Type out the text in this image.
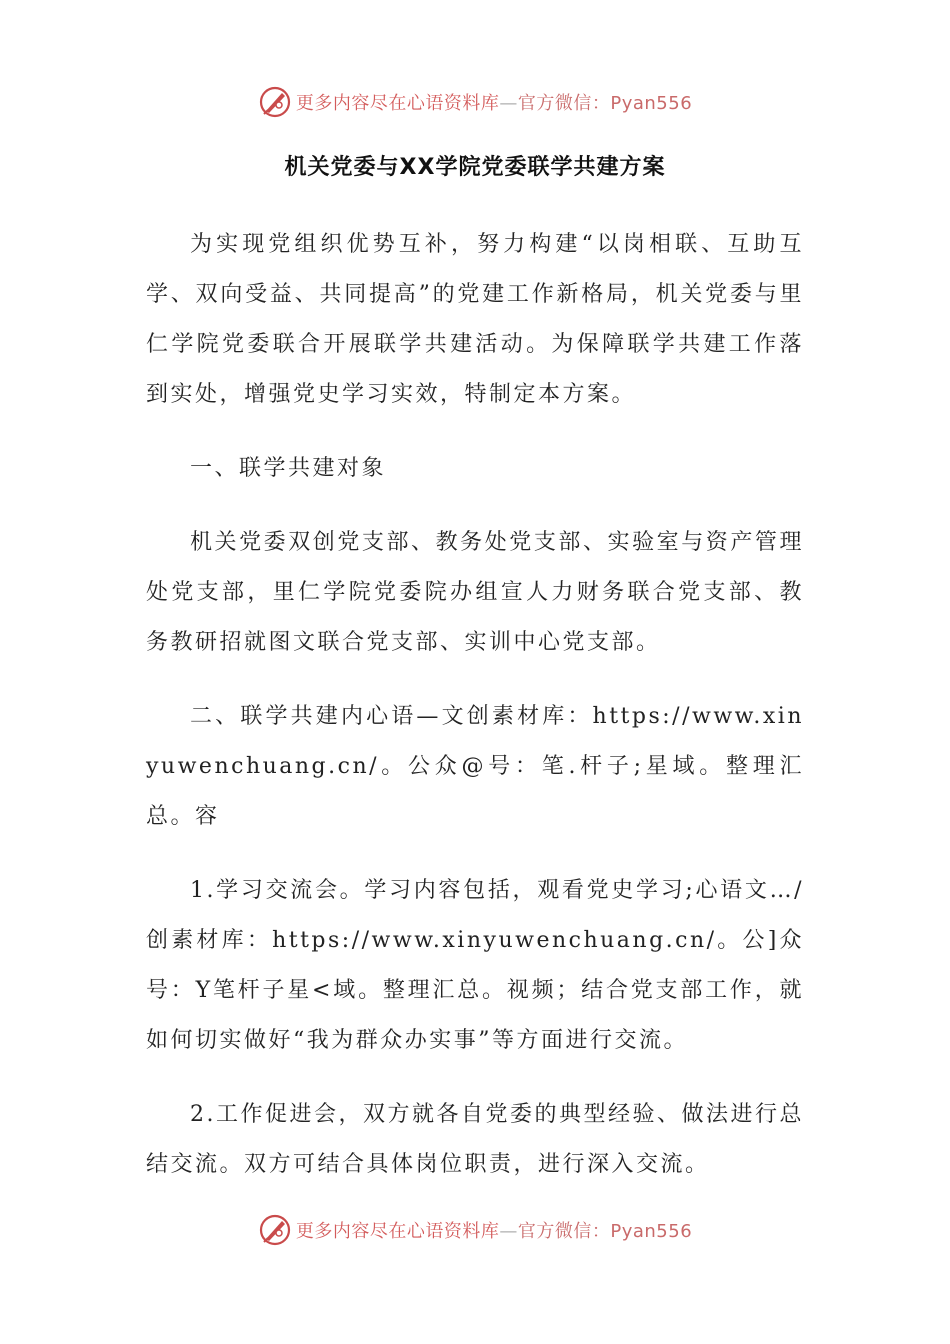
更多内容尽在心语资料库—官方微信：Pyan556
机关党委与XX学院党委联学共建方案

为实现党组织优势互补，努力构建“以岗相联、互助互学、双向受益、共同提高”的党建工作新格局，机关党委与里仁学院党委联合开展联学共建活动。为保障联学共建工作落到实处，增强党史学习实效，特制定本方案。

一、联学共建对象

机关党委双创党支部、教务处党支部、实验室与资产管理处党支部，里仁学院党委院办组宣人力财务联合党支部、教务教研招就图文联合党支部、实训中心党支部。

二、联学共建内心语—文创素材库：https://www.xinyuwenchuang.cn/。公众@号：笔.杆子;星域。整理汇总。容

1.学习交流会。学习内容包括，观看党史学习;心语文…/创素材库：https://www.xinyuwenchuang.cn/。公]众号：Y笔杆子星<域。整理汇总。视频；结合党支部工作，就如何切实做好“我为群众办实事”等方面进行交流。

2.工作促进会，双方就各自党委的典型经验、做法进行总结交流。双方可结合具体岗位职责，进行深入交流。

更多内容尽在心语资料库—官方微信：Pyan556
